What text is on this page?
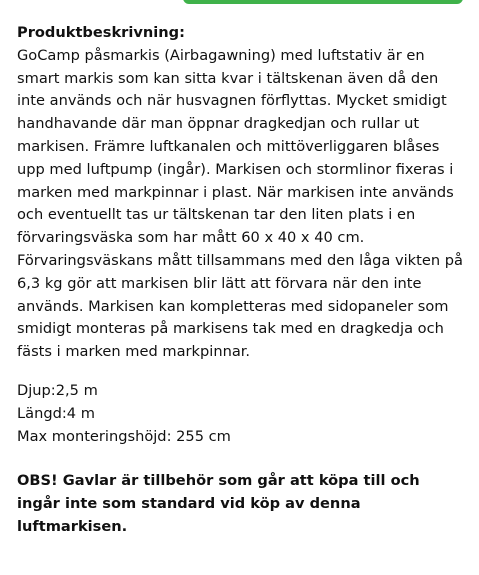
Produktbeskrivning:

GoCamp påsmarkis (Airbagawning) med luftstativ är en smart markis som kan sitta kvar i tältskenan även då den inte används och när husvagnen förflyttas. Mycket smidigt handhavande där man öppnar dragkedjan och rullar ut markisen. Främre luftkanalen och mittöverliggaren blåses upp med luftpump (ingår). Markisen och stormlinor fixeras i marken med markpinnar i plast. När markisen inte används och eventuellt tas ur tältskenan tar den liten plats i en förvaringsväska som har mått 60 x 40 x 40 cm. Förvaringsväskans mått tillsammans med den låga vikten på 6,3 kg gör att markisen blir lätt att förvara när den inte används. Markisen kan kompletteras med sidopaneler som smidigt monteras på markisens tak med en dragkedja och fästs i marken med markpinnar.

Djup:2,5 m
Längd:4 m
Max monteringshöjd: 255 cm
OBS! Gavlar är tillbehör som går att köpa till och ingår inte som standard vid köp av denna luftmarkisen.
